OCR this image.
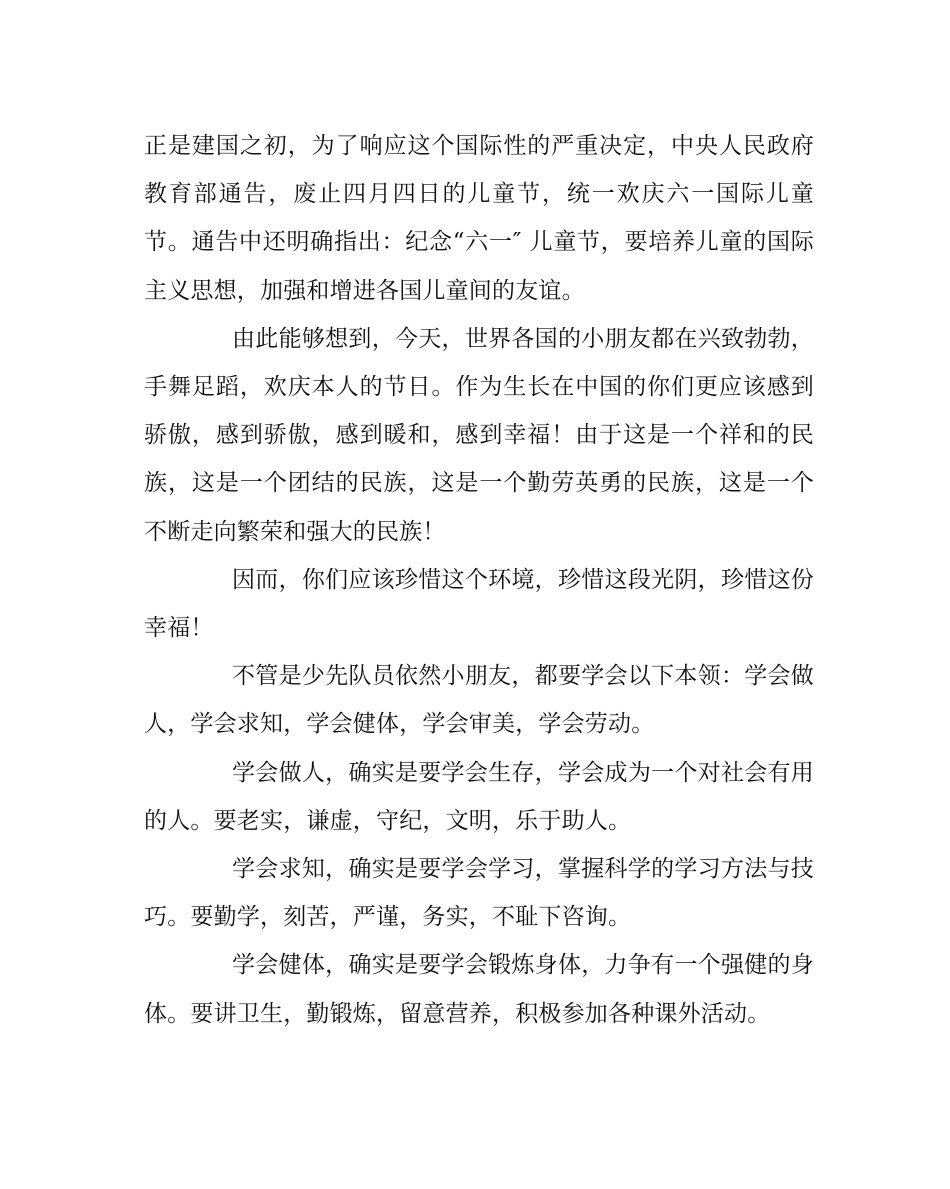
正是建国之初，为了响应这个国际性的严重决定，中央人民政府教育部通告，废止四月四日的儿童节，统一欢庆六一国际儿童节。通告中还明确指出：纪念“六一″ 儿童节，要培养儿童的国际主义思想，加强和增进各国儿童间的友谊。

由此能够想到，今天，世界各国的小朋友都在兴致勃勃，手舞足蹈，欢庆本人的节日。作为生长在中国的你们更应该感到骄傲，感到骄傲，感到暖和，感到幸福！由于这是一个祥和的民族，这是一个团结的民族，这是一个勤劳英勇的民族，这是一个不断走向繁荣和强大的民族！

因而，你们应该珍惜这个环境，珍惜这段光阴，珍惜这份幸福！

不管是少先队员依然小朋友，都要学会以下本领：学会做人，学会求知，学会健体，学会审美，学会劳动。

学会做人，确实是要学会生存，学会成为一个对社会有用的人。要老实，谦虚，守纪，文明，乐于助人。

学会求知，确实是要学会学习，掌握科学的学习方法与技巧。要勤学，刻苦，严谨，务实，不耻下咨询。

学会健体，确实是要学会锻炼身体，力争有一个强健的身体。要讲卫生，勤锻炼，留意营养，积极参加各种课外活动。
